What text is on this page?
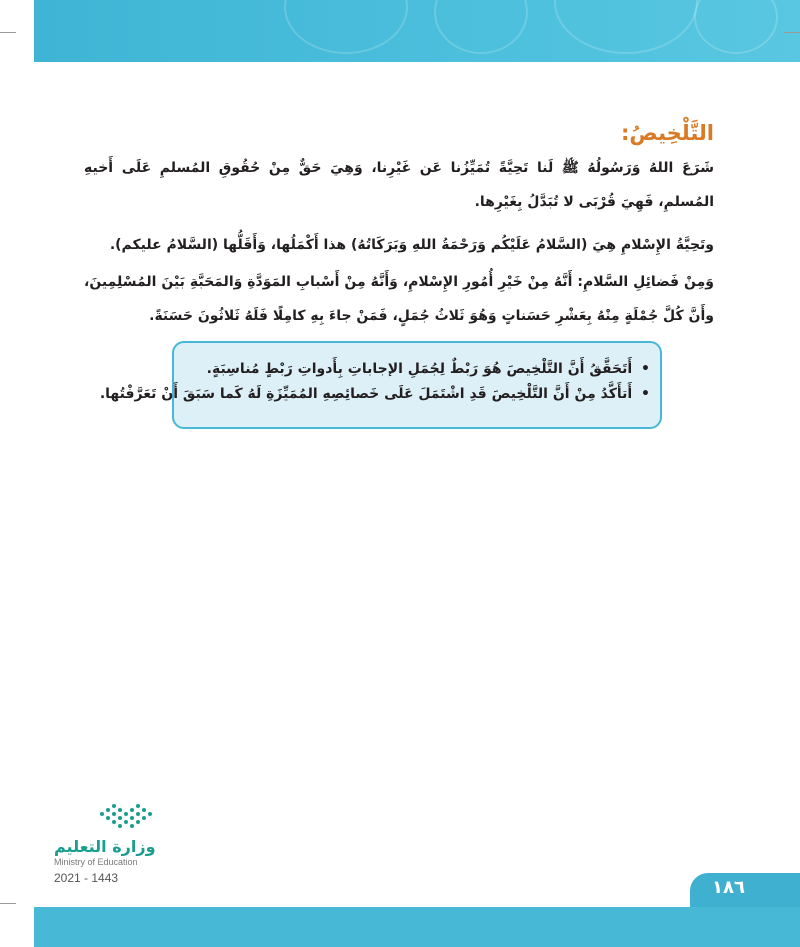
التَّلْخِيصُ:
شَرَعَ اللهُ وَرَسُولُهُ ﷺ لَنا تَحِيَّةً تُمَيِّزُنا عَن غَيْرِنا، وَهِيَ حَقٌّ مِنْ حُقُوقِ المُسلمِ عَلَى أَخيهِ المُسلمِ، فَهِيَ قُرْبَى لا تُبَدَّلُ بِغَيْرِها.
وتَحِيَّةُ الإِسْلامِ هِيَ (السَّلامُ عَلَيْكُم وَرَحْمَةُ اللهِ وَبَرَكَاتُهُ) هذا أَكْمَلُها، وَأَقَلُّها (السَّلامُ عليكم).
وَمِنْ فَضائِلِ السَّلامِ: أَنَّهُ مِنْ خَيْرِ أُمُورِ الإِسْلامِ، وَأَنَّهُ مِنْ أَسْبابِ المَوَدَّةِ وَالمَحَبَّةِ بَيْنَ المُسْلِمِينَ، وأَنَّ كُلَّ جُمْلَةٍ مِنْهُ بِعَشْرِ حَسَناتٍ وَهُوَ ثَلاثُ جُمَلٍ، فَمَنْ جاءَ بِهِ كامِلًا فَلَهُ ثَلاثُونَ حَسَنَةً.
• أَتَحَقَّقُ أَنَّ التَّلْخِيصَ هُوَ رَبْطٌ لِجُمَلِ الإجاباتِ بِأَدواتِ رَبْطٍ مُناسِبَةٍ.
• أَتأَكَّدُ مِنْ أَنَّ التَّلْخِيصَ قَدِ اشْتَمَلَ عَلَى خَصائِصِهِ المُمَيِّزَةِ لَهُ كَما سَبَقَ أَنْ تَعَرَّفْتُها.
وزارة التعليم
Ministry of Education
2021 - 1443	١٨٦
